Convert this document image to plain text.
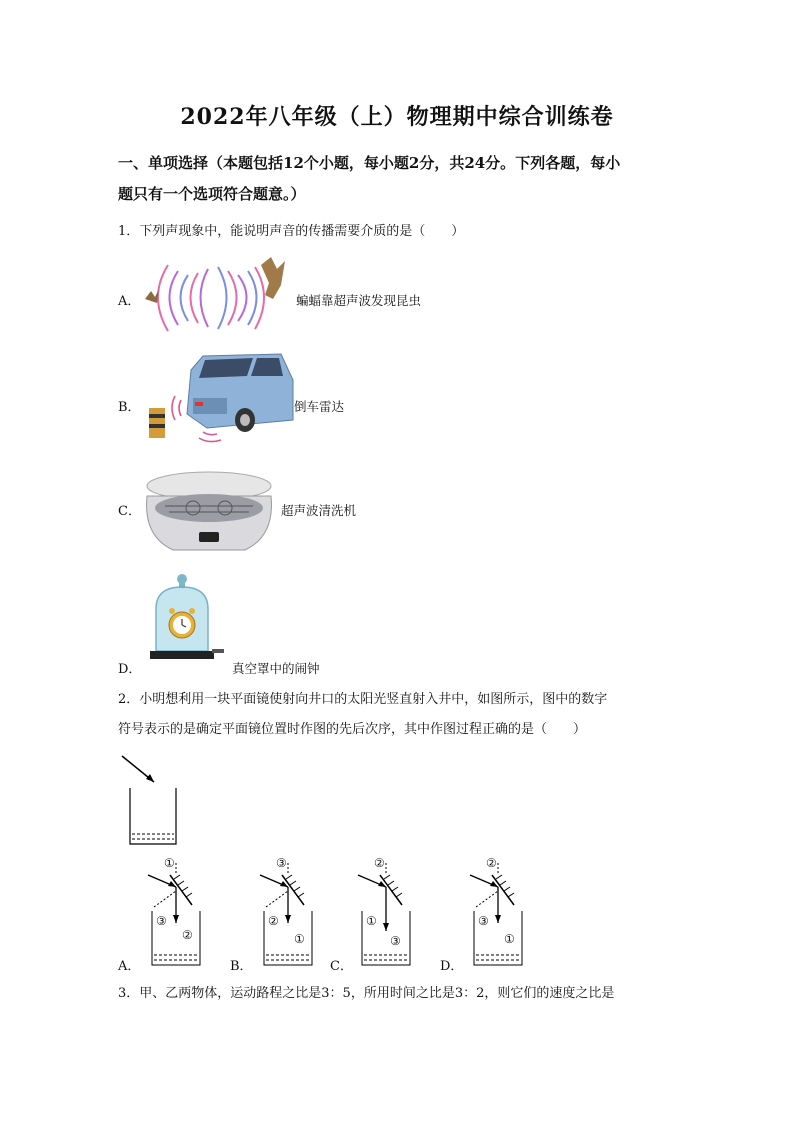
2022年八年级（上）物理期中综合训练卷
一、单项选择（本题包括12个小题，每小题2分，共24分。下列各题，每小
题只有一个选项符合题意。）
1．下列声现象中，能说明声音的传播需要介质的是（　　）
A．	蝙蝠靠超声波发现昆虫
B．	倒车雷达
C．	超声波清洗机
D．	真空罩中的闹钟
2．小明想利用一块平面镜使射向井口的太阳光竖直射入井中，如图所示，图中的数字
符号表示的是确定平面镜位置时作图的先后次序，其中作图过程正确的是（　　）
A．
①
③
②
B．
③
②
①
C．
②
①
③
D．
②
③
①
3．甲、乙两物体，运动路程之比是3：5，所用时间之比是3：2，则它们的速度之比是
